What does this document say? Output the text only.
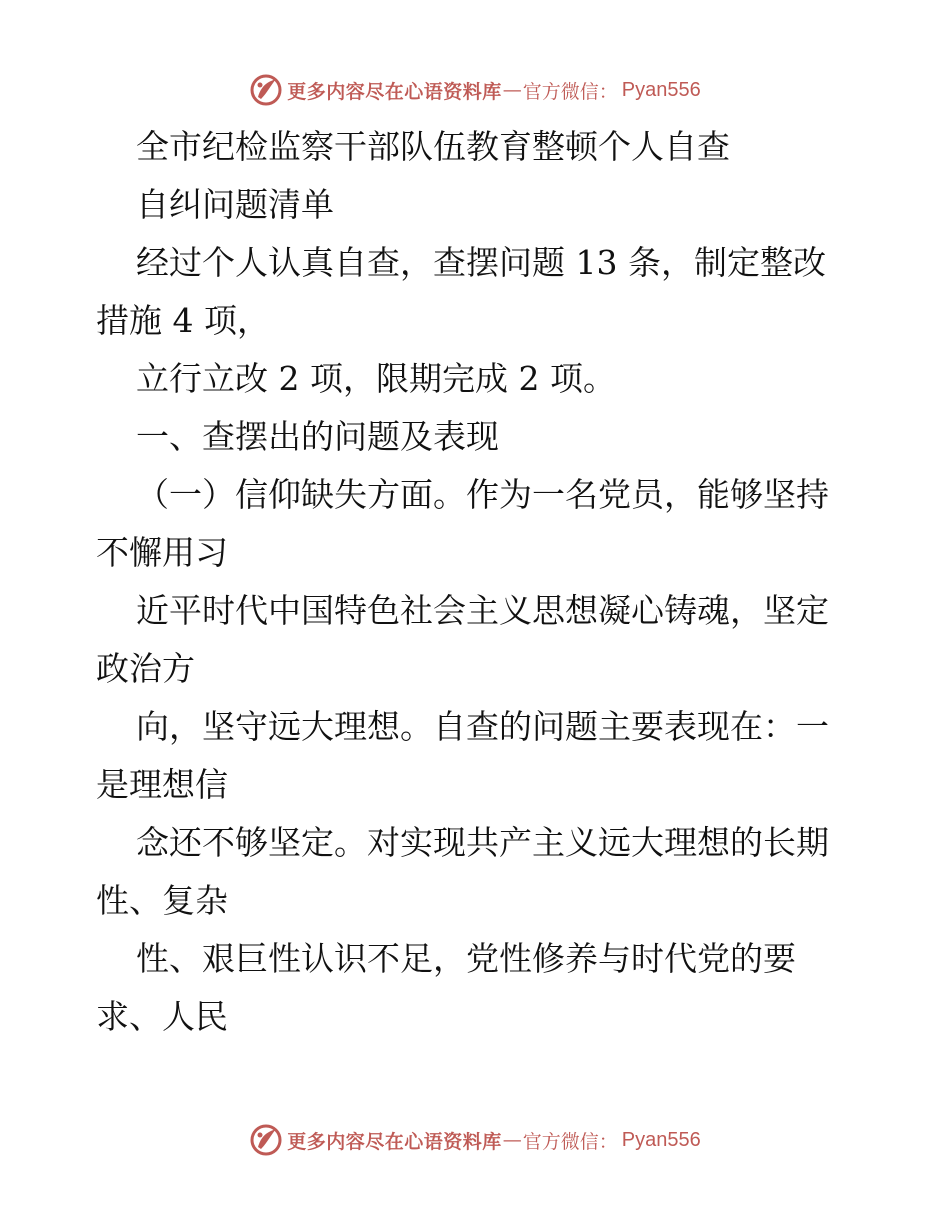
更多内容尽在心语资料库 — 官方微信： Pyan556
全市纪检监察干部队伍教育整顿个人自查
自纠问题清单
经过个人认真自查，查摆问题 13 条，制定整改
措施 4 项，
立行立改 2 项，限期完成 2 项。
一、查摆出的问题及表现
（一）信仰缺失方面。作为一名党员，能够坚持
不懈用习
近平时代中国特色社会主义思想凝心铸魂，坚定
政治方
向，坚守远大理想。自查的问题主要表现在：一
是理想信
念还不够坚定。对实现共产主义远大理想的长期
性、复杂
性、艰巨性认识不足，党性修养与时代党的要
求、人民
更多内容尽在心语资料库 — 官方微信： Pyan556
